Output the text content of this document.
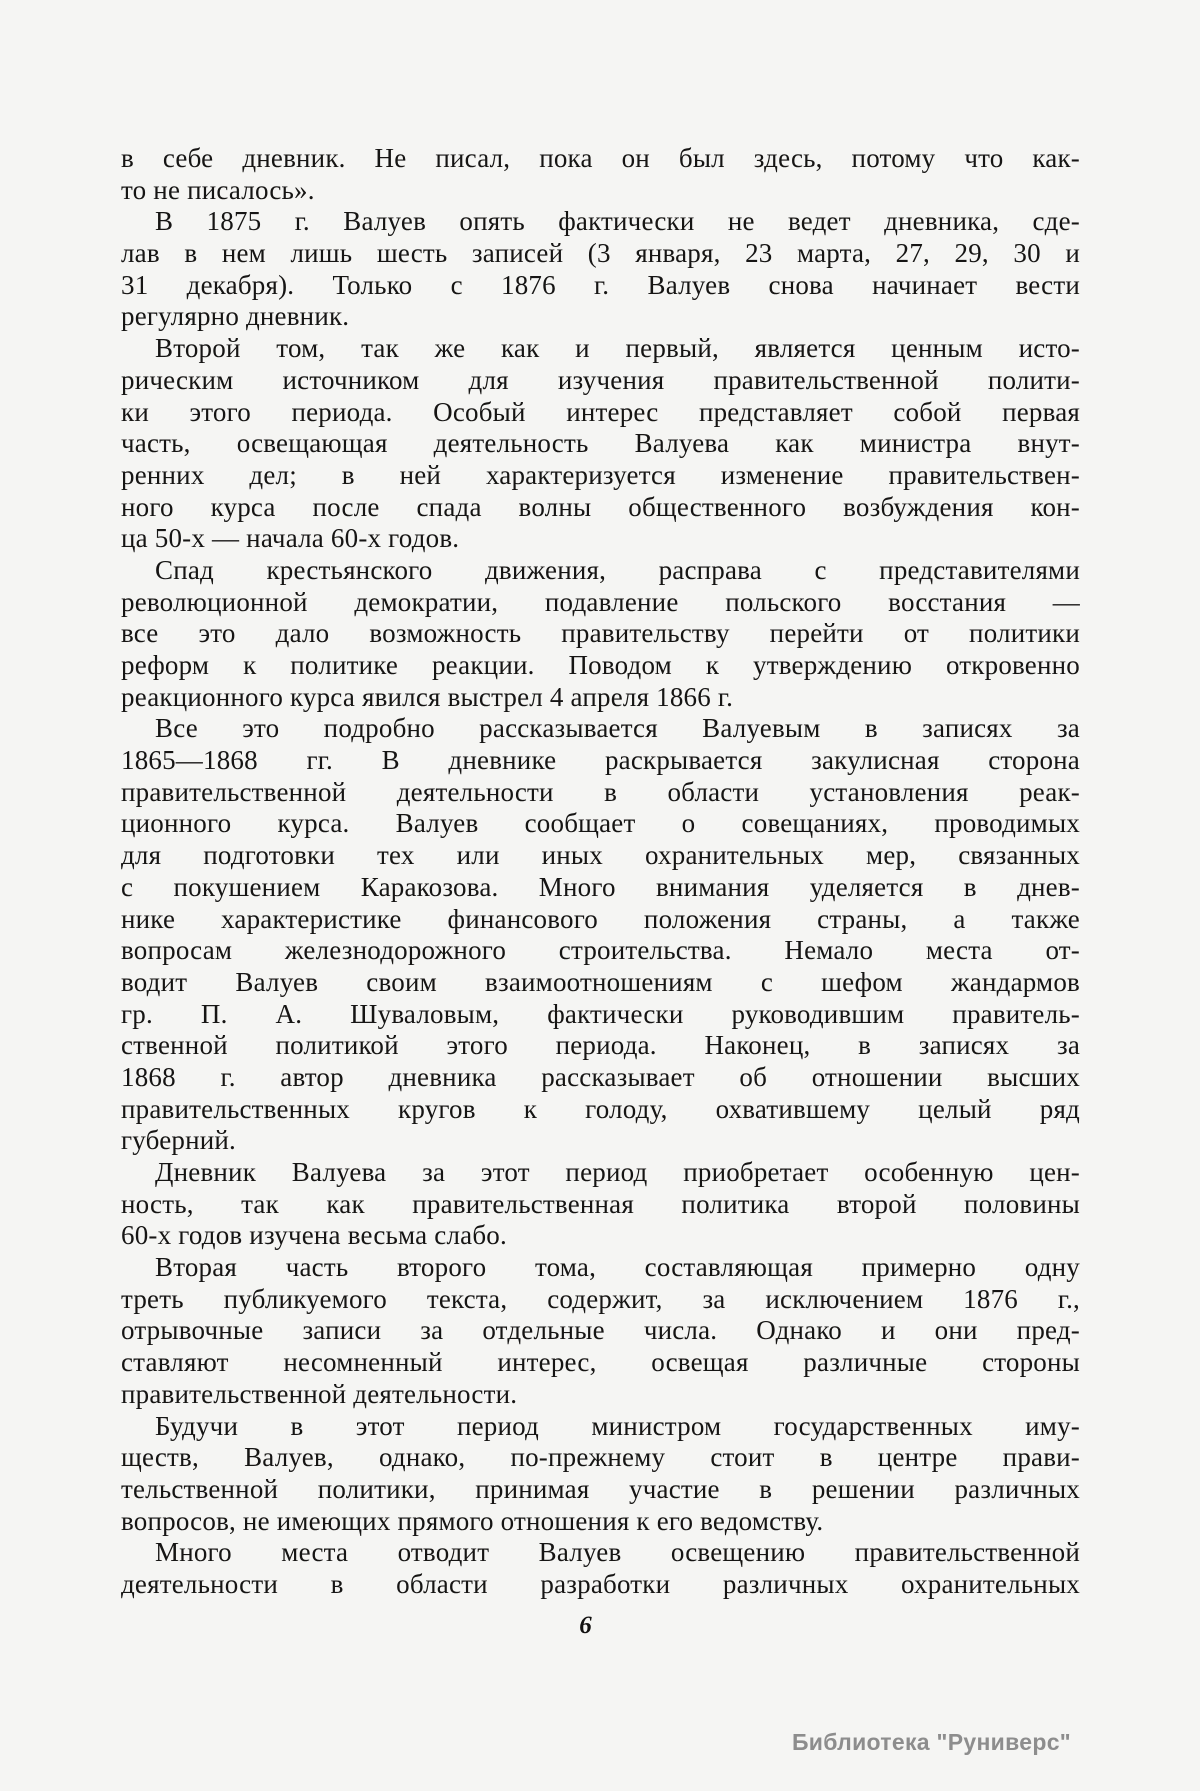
в себе дневник. Не писал, пока он был здесь, потому что как-
то не писалось».
В 1875 г. Валуев опять фактически не ведет дневника, сде-
лав в нем лишь шесть записей (3 января, 23 марта, 27, 29, 30 и
31 декабря). Только с 1876 г. Валуев снова начинает вести
регулярно дневник.
Второй том, так же как и первый, является ценным исто-
рическим источником для изучения правительственной полити-
ки этого периода. Особый интерес представляет собой первая
часть, освещающая деятельность Валуева как министра внут-
ренних дел; в ней характеризуется изменение правительствен-
ного курса после спада волны общественного возбуждения кон-
ца 50-х — начала 60-х годов.
Спад крестьянского движения, расправа с представителями
революционной демократии, подавление польского восстания —
все это дало возможность правительству перейти от политики
реформ к политике реакции. Поводом к утверждению откровенно
реакционного курса явился выстрел 4 апреля 1866 г.
Все это подробно рассказывается Валуевым в записях за
1865—1868 гг. В дневнике раскрывается закулисная сторона
правительственной деятельности в области установления реак-
ционного курса. Валуев сообщает о совещаниях, проводимых
для подготовки тех или иных охранительных мер, связанных
с покушением Каракозова. Много внимания уделяется в днев-
нике характеристике финансового положения страны, а также
вопросам железнодорожного строительства. Немало места от-
водит Валуев своим взаимоотношениям с шефом жандармов
гр. П. А. Шуваловым, фактически руководившим правитель-
ственной политикой этого периода. Наконец, в записях за
1868 г. автор дневника рассказывает об отношении высших
правительственных кругов к голоду, охватившему целый ряд
губерний.
Дневник Валуева за этот период приобретает особенную цен-
ность, так как правительственная политика второй половины
60-х годов изучена весьма слабо.
Вторая часть второго тома, составляющая примерно одну
треть публикуемого текста, содержит, за исключением 1876 г.,
отрывочные записи за отдельные числа. Однако и они пред-
ставляют несомненный интерес, освещая различные стороны
правительственной деятельности.
Будучи в этот период министром государственных иму-
ществ, Валуев, однако, по-прежнему стоит в центре прави-
тельственной политики, принимая участие в решении различных
вопросов, не имеющих прямого отношения к его ведомству.
Много места отводит Валуев освещению правительственной
деятельности в области разработки различных охранительных
6
Библиотека "Руниверс"
